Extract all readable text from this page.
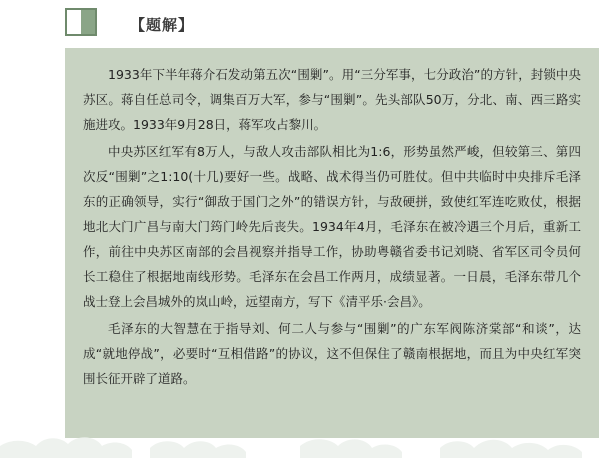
【题解】

1933年下半年蒋介石发动第五次“围剿”。用“三分军事，七分政治”的方针，封锁中央苏区。蒋自任总司令，调集百万大军，参与“围剿”。先头部队50万，分北、南、西三路实施进攻。1933年9月28日，蒋军攻占黎川。

中央苏区红军有8万人，与敌人攻击部队相比为1:6，形势虽然严峻，但较第三、第四次反“围剿”之1:10(十几)要好一些。战略、战术得当仍可胜仗。但中共临时中央排斥毛泽东的正确领导，实行“御敌于国门之外”的错误方针，与敌硬拼，致使红军连吃败仗，根据地北大门广昌与南大门筠门岭先后丧失。1934年4月，毛泽东在被冷遇三个月后，重新工作，前往中央苏区南部的会昌视察并指导工作，协助粤赣省委书记刘晓、省军区司令员何长工稳住了根据地南线形势。毛泽东在会昌工作两月，成绩显著。一日晨，毛泽东带几个战士登上会昌城外的岚山岭，远望南方，写下《清平乐·会昌》。

毛泽东的大智慧在于指导刘、何二人与参与“围剿”的广东军阀陈济棠部“和谈”，达成“就地停战”，必要时“互相借路”的协议，这不但保住了赣南根据地，而且为中央红军突围长征开辟了道路。
